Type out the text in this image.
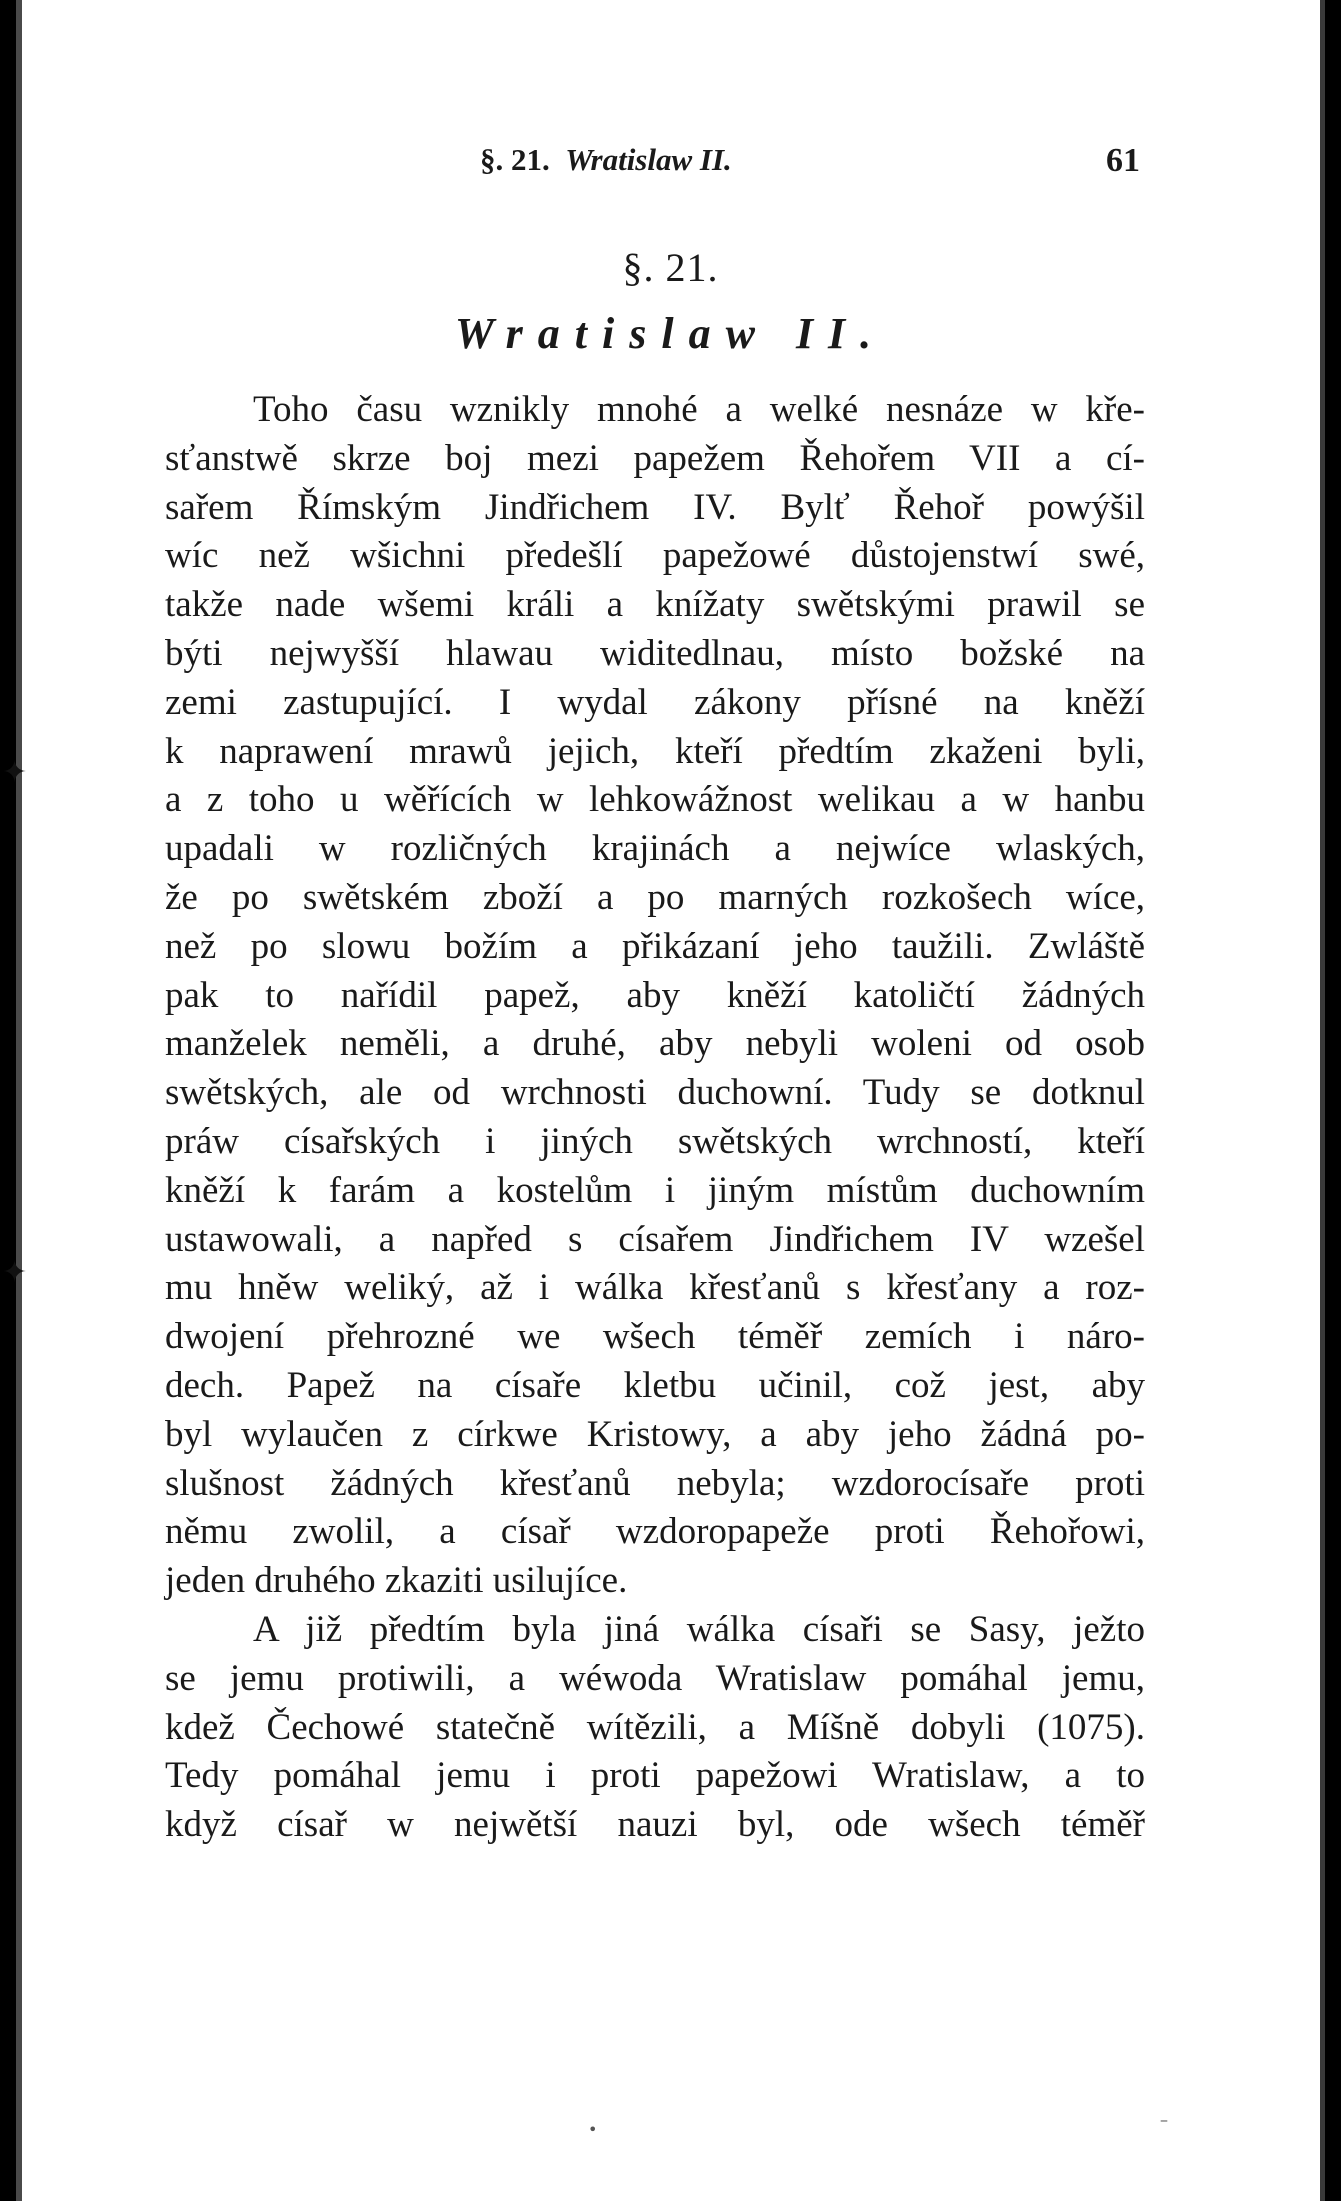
✦
✦
§. 21. Wratislaw II.	61
§. 21.
Wratislaw II.
Toho času wznikly mnohé a welké nesnáze w kře-
sťanstwě skrze boj mezi papežem Řehořem VII a cí-
sařem Římským Jindřichem IV. Bylť Řehoř powýšil
wíc než wšichni předešlí papežowé důstojenstwí swé,
takže nade wšemi králi a knížaty swětskými prawil se
býti nejwyšší hlawau widitedlnau, místo božské na
zemi zastupující. I wydal zákony přísné na kněží
k naprawení mrawů jejich, kteří předtím zkaženi byli,
a z toho u wěřících w lehkowážnost welikau a w hanbu
upadali w rozličných krajinách a nejwíce wlaských,
že po swětském zboží a po marných rozkošech wíce,
než po slowu božím a přikázaní jeho taužili. Zwláště
pak to nařídil papež, aby kněží katoličtí žádných
manželek neměli, a druhé, aby nebyli woleni od osob
swětských, ale od wrchnosti duchowní. Tudy se dotknul
práw císařských i jiných swětských wrchností, kteří
kněží k farám a kostelům i jiným místům duchowním
ustawowali, a napřed s císařem Jindřichem IV wzešel
mu hněw weliký, až i wálka křesťanů s křesťany a roz-
dwojení přehrozné we wšech téměř zemích i náro-
dech. Papež na císaře kletbu učinil, což jest, aby
byl wylaučen z církwe Kristowy, a aby jeho žádná po-
slušnost žádných křesťanů nebyla; wzdorocísaře proti
němu zwolil, a císař wzdoropapeže proti Řehořowi,
jeden druhého zkaziti usilujíce.
A již předtím byla jiná wálka císaři se Sasy, ježto
se jemu protiwili, a wéwoda Wratislaw pomáhal jemu,
kdež Čechowé statečně wítězili, a Míšně dobyli (1075).
Tedy pomáhal jemu i proti papežowi Wratislaw, a to
když císař w nejwětší nauzi byl, ode wšech téměř
•
–
